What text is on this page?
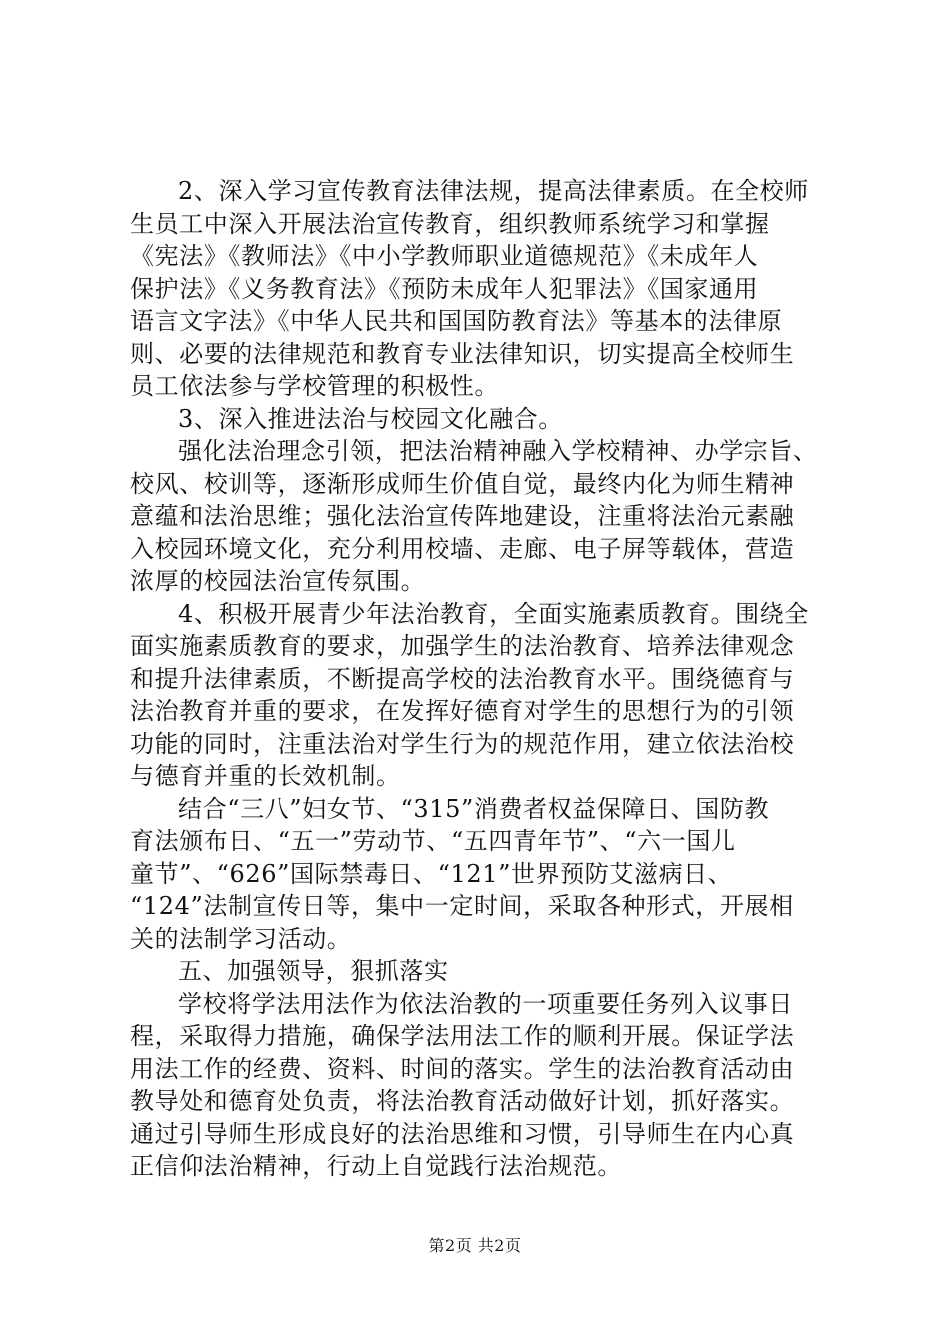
2、深入学习宣传教育法律法规，提高法律素质。在全校师
生员工中深入开展法治宣传教育，组织教师系统学习和掌握
《宪法》《教师法》《中小学教师职业道德规范》《未成年人
保护法》《义务教育法》《预防未成年人犯罪法》《国家通用
语言文字法》《中华人民共和国国防教育法》等基本的法律原
则、必要的法律规范和教育专业法律知识，切实提高全校师生
员工依法参与学校管理的积极性。
3、深入推进法治与校园文化融合。
强化法治理念引领，把法治精神融入学校精神、办学宗旨、
校风、校训等，逐渐形成师生价值自觉，最终内化为师生精神
意蕴和法治思维；强化法治宣传阵地建设，注重将法治元素融
入校园环境文化，充分利用校墙、走廊、电子屏等载体，营造
浓厚的校园法治宣传氛围。
4、积极开展青少年法治教育，全面实施素质教育。围绕全
面实施素质教育的要求，加强学生的法治教育、培养法律观念
和提升法律素质，不断提高学校的法治教育水平。围绕德育与
法治教育并重的要求，在发挥好德育对学生的思想行为的引领
功能的同时，注重法治对学生行为的规范作用，建立依法治校
与德育并重的长效机制。
结合“三八”妇女节、“315”消费者权益保障日、国防教
育法颁布日、“五一”劳动节、“五四青年节”、“六一国儿
童节”、“626”国际禁毒日、“121”世界预防艾滋病日、
“124”法制宣传日等，集中一定时间，采取各种形式，开展相
关的法制学习活动。
五、加强领导，狠抓落实
学校将学法用法作为依法治教的一项重要任务列入议事日
程，采取得力措施，确保学法用法工作的顺利开展。保证学法
用法工作的经费、资料、时间的落实。学生的法治教育活动由
教导处和德育处负责，将法治教育活动做好计划，抓好落实。
通过引导师生形成良好的法治思维和习惯，引导师生在内心真
正信仰法治精神，行动上自觉践行法治规范。
第2页 共2页
